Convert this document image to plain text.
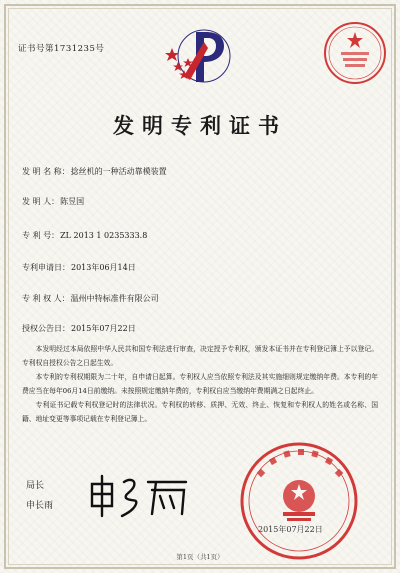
证书号第1731235号
发明专利证书
发 明 名 称：捻丝机的一种活动靠模装置
发 明 人：陈昱国
专 利 号：ZL 2013 1 0235333.8
专利申请日：2013年06月14日
专 利 权 人：温州中特标准件有限公司
授权公告日：2015年07月22日

本发明经过本局依照中华人民共和国专利法进行审查，决定授予专利权，颁发本证书并在专利登记簿上予以登记。专利权自授权公告之日起生效。

本专利的专利权期限为二十年，自申请日起算。专利权人应当依照专利法及其实施细则规定缴纳年费。本专利的年费应当在每年06月14日前缴纳。未按照规定缴纳年费的，专利权自应当缴纳年费期满之日起终止。

专利证书记载专利权登记时的法律状况。专利权的转移、质押、无效、终止、恢复和专利权人的姓名或名称、国籍、地址变更等事项记载在专利登记簿上。

局长
申长雨
2015年07月22日
第1页（共1页）
